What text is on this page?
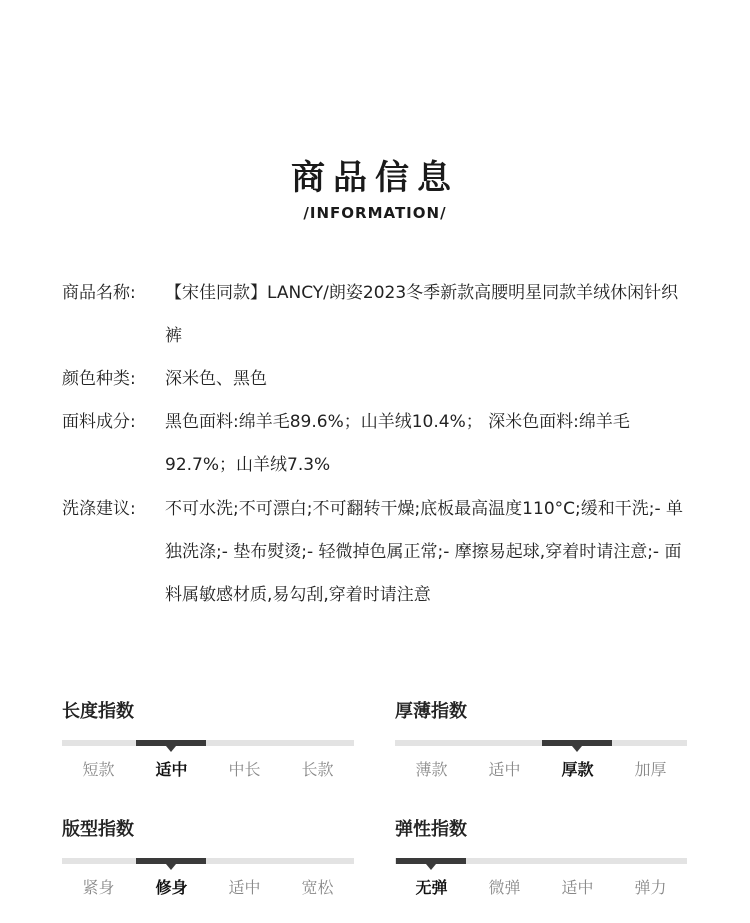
商品信息
/INFORMATION/
商品名称:	【宋佳同款】LANCY/朗姿2023冬季新款高腰明星同款羊绒休闲针织裤
颜色种类:	深米色、黑色
面料成分:	黑色面料:绵羊毛89.6%；山羊绒10.4%； 深米色面料:绵羊毛92.7%；山羊绒7.3%
洗涤建议:	不可水洗;不可漂白;不可翻转干燥;底板最高温度110°C;缓和干洗;- 单独洗涤;- 垫布熨烫;- 轻微掉色属正常;- 摩擦易起球,穿着时请注意;- 面料属敏感材质,易勾刮,穿着时请注意
长度指数
短款	适中	中长	长款
厚薄指数
薄款	适中	厚款	加厚
版型指数
紧身	修身	适中	宽松
弹性指数
无弹	微弹	适中	弹力
